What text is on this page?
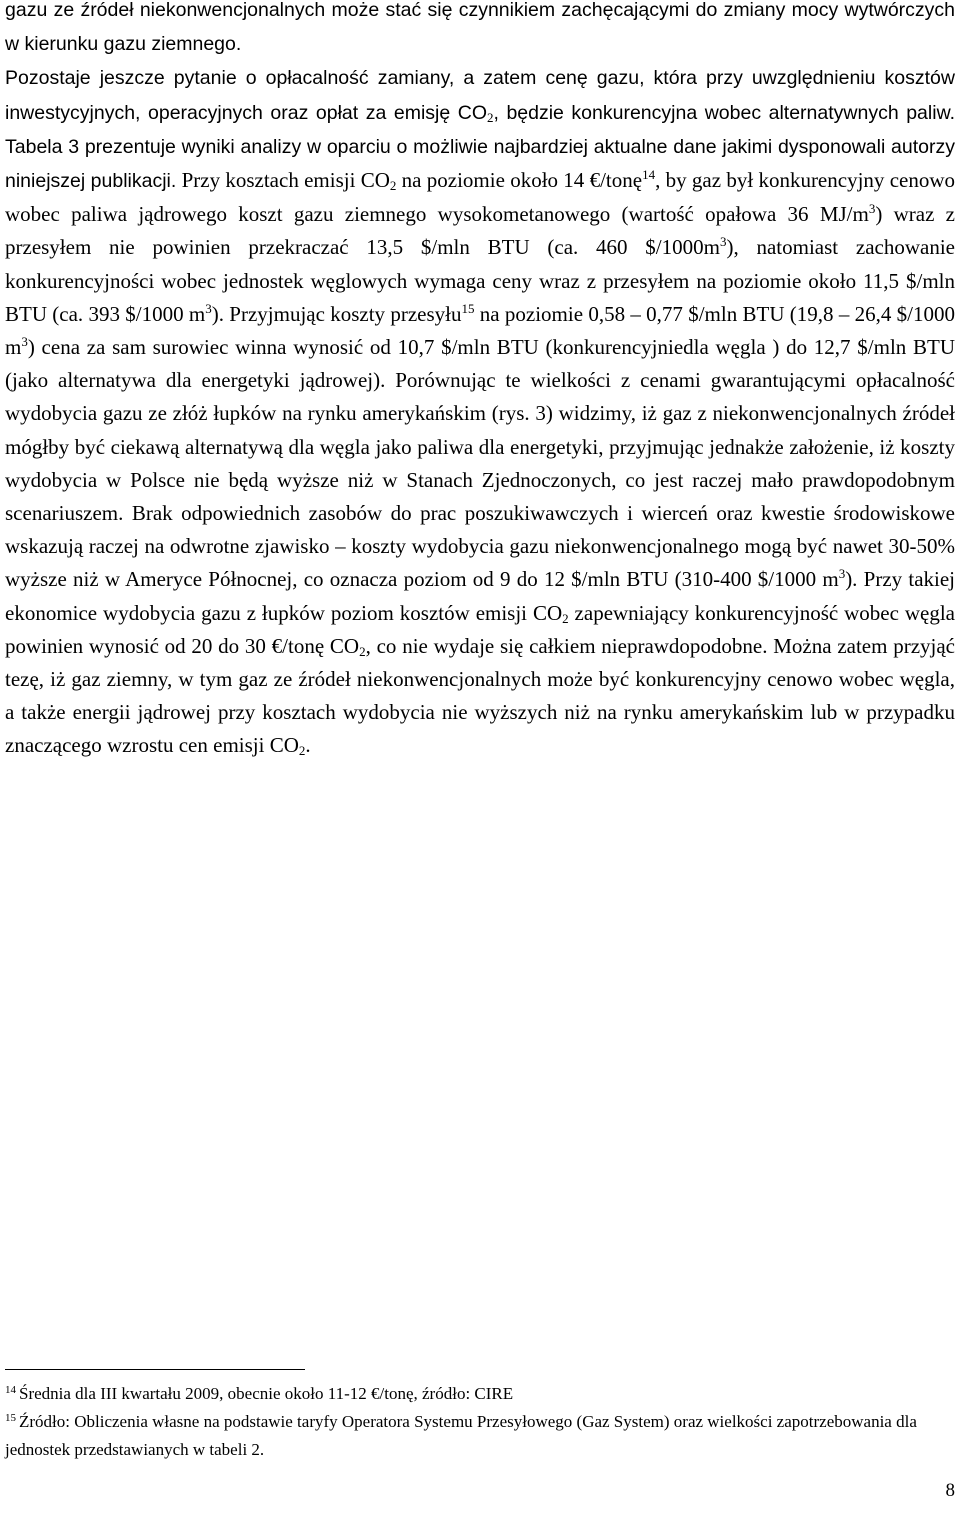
gazu ze źródeł niekonwencjonalnych może stać się czynnikiem zachęcającymi do zmiany mocy wytwórczych w kierunku gazu ziemnego.

Pozostaje jeszcze pytanie o opłacalność zamiany, a zatem cenę gazu, która przy uwzględnieniu kosztów inwestycyjnych, operacyjnych oraz opłat za emisję $CO_2$, będzie konkurencyjna wobec alternatywnych paliw. Tabela 3 prezentuje wyniki analizy w oparciu o możliwie najbardziej aktualne dane jakimi dysponowali autorzy niniejszej publikacji. Przy kosztach emisji $CO_2$ na poziomie około 14 €/tonę$^{14}$, by gaz był konkurencyjny cenowo wobec paliwa jądrowego koszt gazu ziemnego wysokometanowego (wartość opałowa 36 $MJ/m^3$) wraz z przesyłem nie powinien przekraczać 13,5 $/mln BTU (ca. 460 $\$/1000m^3$), natomiast zachowanie konkurencyjności wobec jednostek węglowych wymaga ceny wraz z przesyłem na poziomie około 11,5 $/mln BTU (ca. 393 $/1000 $m^3$). Przyjmując koszty przesyłu$^{15}$ na poziomie 0,58 – 0,77 $/mln BTU (19,8 – 26,4 $/1000 $m^3$) cena za sam surowiec winna wynosić od 10,7 $/mln BTU (konkurencyjniedla węgla ) do 12,7 $/mln BTU (jako alternatywa dla energetyki jądrowej). Porównując te wielkości z cenami gwarantującymi opłacalność wydobycia gazu ze złóż łupków na rynku amerykańskim (rys. 3) widzimy, iż gaz z niekonwencjonalnych źródeł mógłby być ciekawą alternatywą dla węgla jako paliwa dla energetyki, przyjmując jednakże założenie, iż koszty wydobycia w Polsce nie będą wyższe niż w Stanach Zjednoczonych, co jest raczej mało prawdopodobnym scenariuszem. Brak odpowiednich zasobów do prac poszukiwawczych i wierceń oraz kwestie środowiskowe wskazują raczej na odwrotne zjawisko – koszty wydobycia gazu niekonwencjonalnego mogą być nawet 30-50% wyższe niż w Ameryce Północnej, co oznacza poziom od 9 do 12 $/mln BTU (310-400 $/1000 $m^3$). Przy takiej ekonomice wydobycia gazu z łupków poziom kosztów emisji $CO_2$ zapewniający konkurencyjność wobec węgla powinien wynosić od 20 do 30 €/tonę $CO_2$, co nie wydaje się całkiem nieprawdopodobne. Można zatem przyjąć tezę, iż gaz ziemny, w tym gaz ze źródeł niekonwencjonalnych może być konkurencyjny cenowo wobec węgla, a także energii jądrowej przy kosztach wydobycia nie wyższych niż na rynku amerykańskim lub w przypadku znaczącego wzrostu cen emisji $CO_2$.

$^{14}$ Średnia dla III kwartału 2009, obecnie około 11-12 €/tonę, źródło: CIRE

$^{15}$ Źródło: Obliczenia własne na podstawie taryfy Operatora Systemu Przesyłowego (Gaz System) oraz wielkości zapotrzebowania dla jednostek przedstawianych w tabeli 2.

8
